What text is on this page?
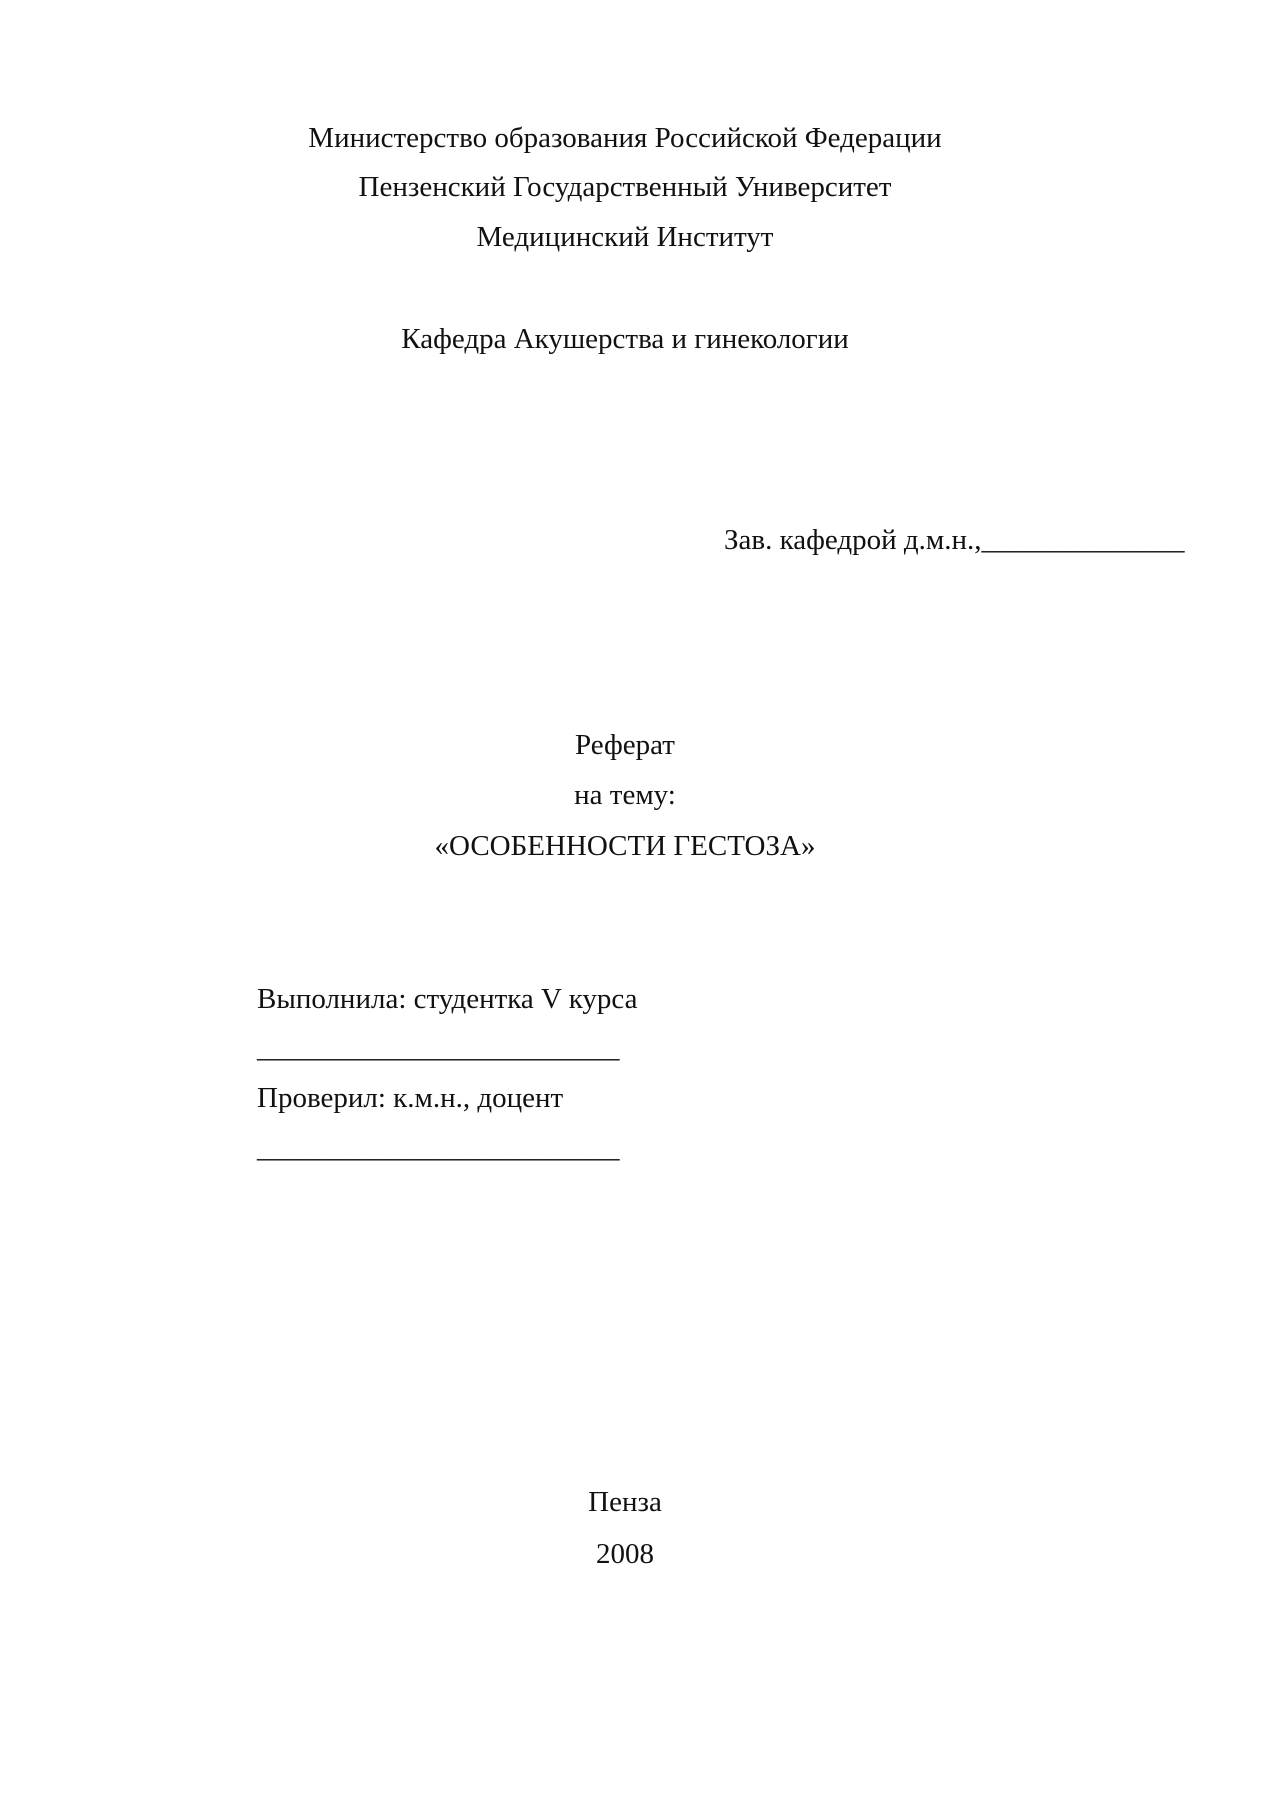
Министерство образования Российской Федерации
Пензенский Государственный Университет
Медицинский Институт
Кафедра Акушерства и гинекологии
Зав. кафедрой д.м.н.,______________
Реферат
на тему:
«ОСОБЕННОСТИ ГЕСТОЗА»
Выполнила: студентка V курса
_________________________
Проверил: к.м.н., доцент
_________________________
Пенза
2008
